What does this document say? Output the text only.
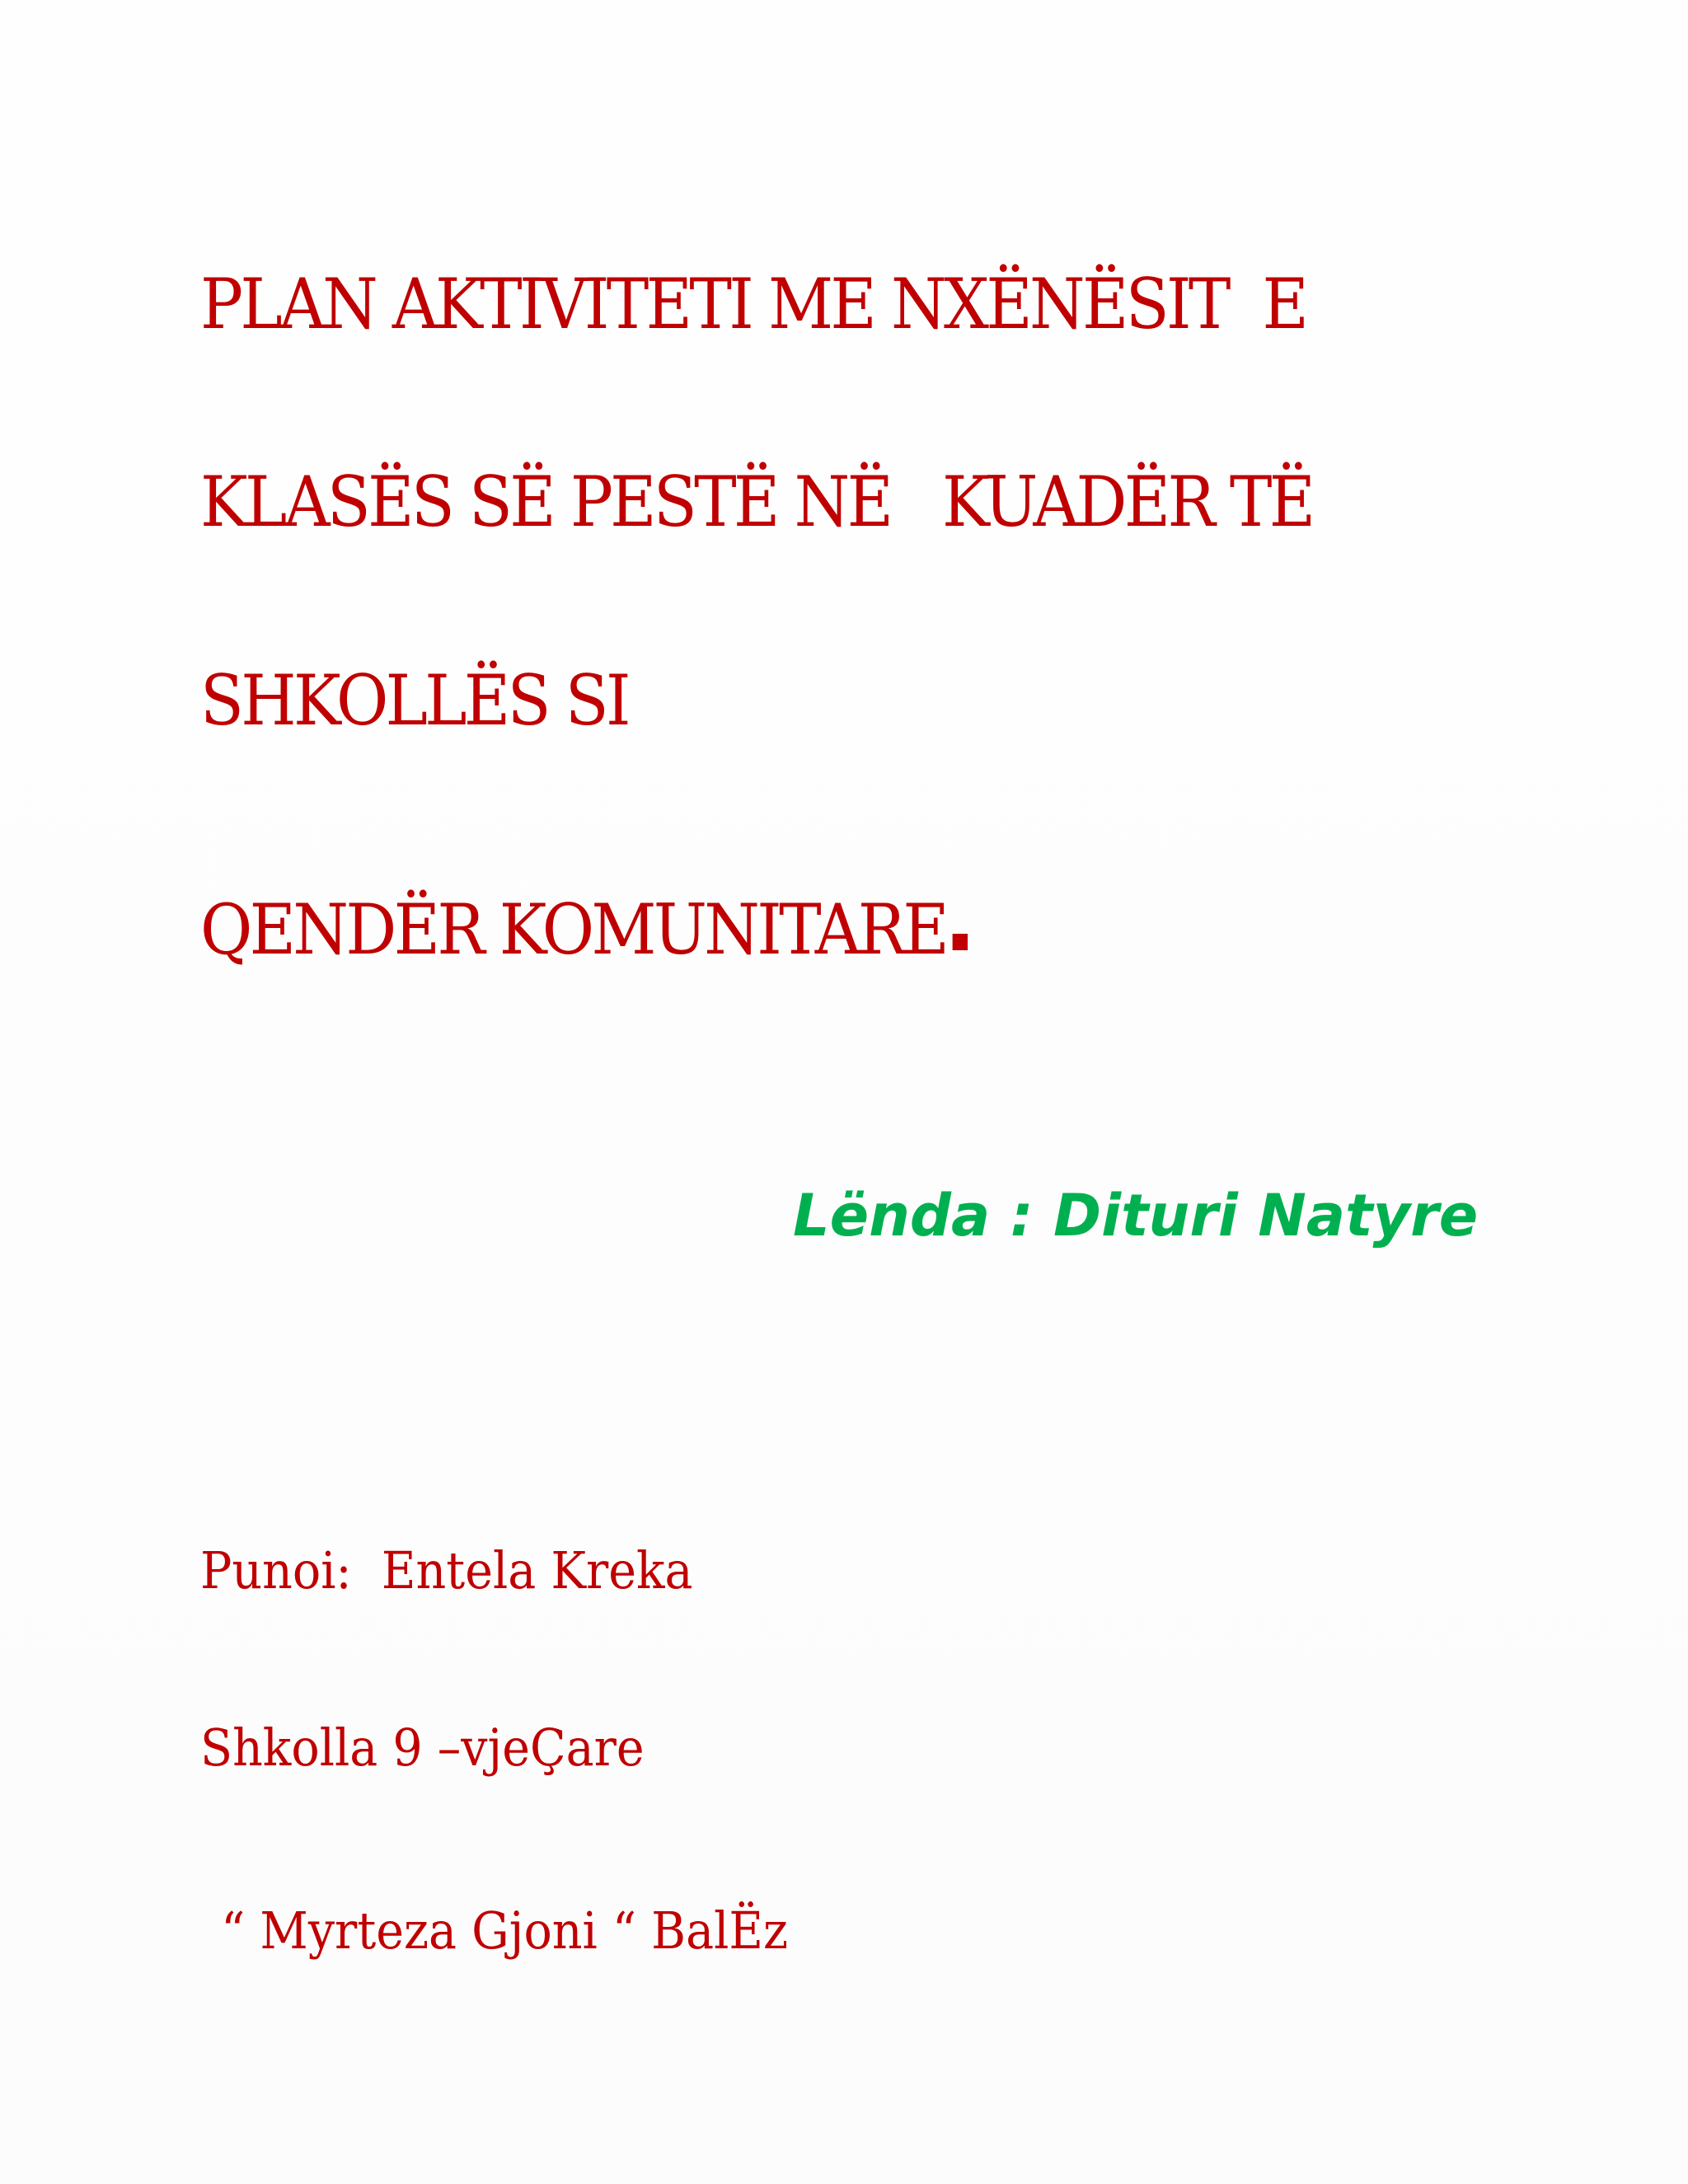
PLAN AKTIVITETI ME NXËNËSIT  E
KLASËS SË PESTË NË   KUADËR TË
SHKOLLËS SI
QENDËR KOMUNITARE

Lënda : Dituri Natyre

Punoi:  Entela Kreka

Shkolla 9 –vjeÇare

“ Myrteza Gjoni “ BalËz
